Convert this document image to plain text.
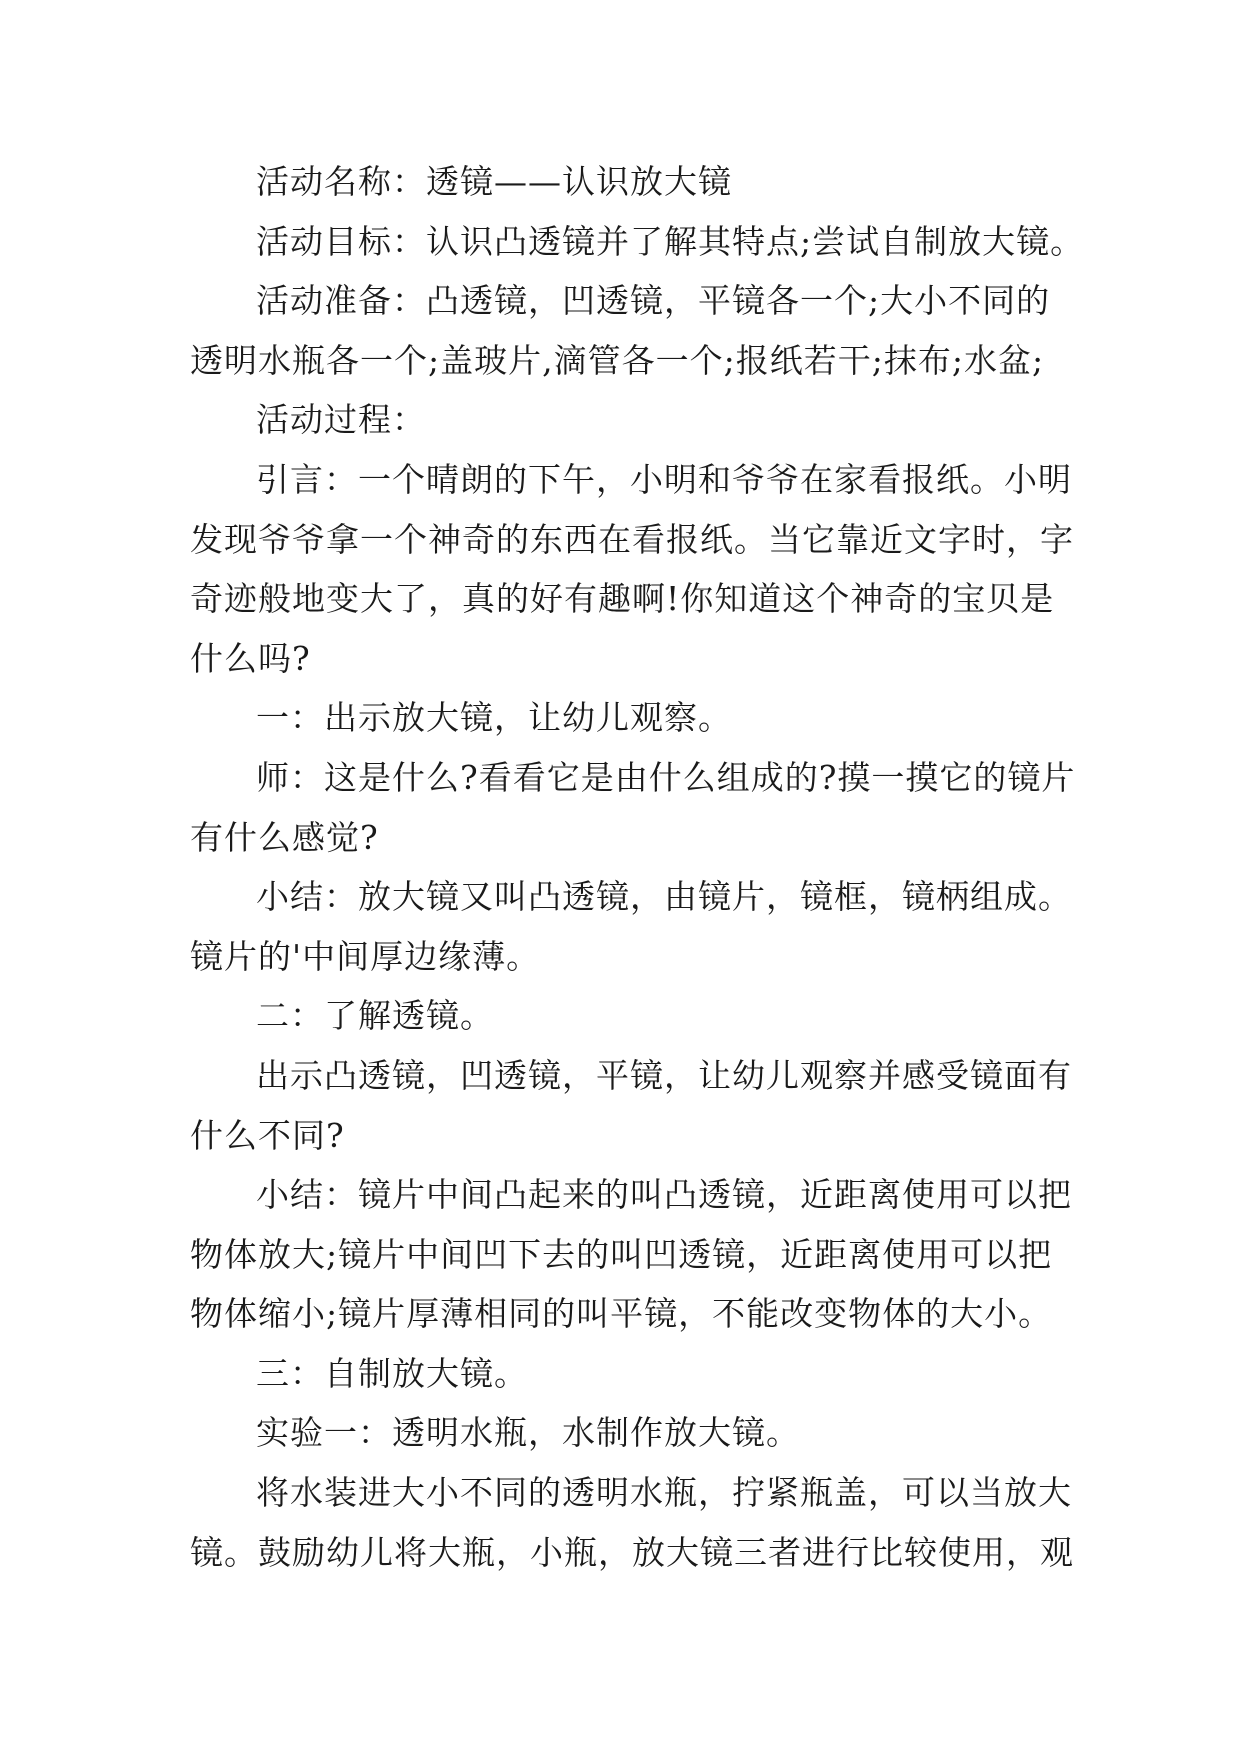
活动名称：透镜——认识放大镜

活动目标：认识凸透镜并了解其特点;尝试自制放大镜。

活动准备：凸透镜，凹透镜，平镜各一个;大小不同的
透明水瓶各一个;盖玻片,滴管各一个;报纸若干;抹布;水盆;

活动过程：

引言：一个晴朗的下午，小明和爷爷在家看报纸。小明
发现爷爷拿一个神奇的东西在看报纸。当它靠近文字时，字
奇迹般地变大了，真的好有趣啊!你知道这个神奇的宝贝是
什么吗?

一：出示放大镜，让幼儿观察。

师：这是什么?看看它是由什么组成的?摸一摸它的镜片
有什么感觉?

小结：放大镜又叫凸透镜，由镜片，镜框，镜柄组成。
镜片的'中间厚边缘薄。

二：了解透镜。

出示凸透镜，凹透镜，平镜，让幼儿观察并感受镜面有
什么不同?

小结：镜片中间凸起来的叫凸透镜，近距离使用可以把
物体放大;镜片中间凹下去的叫凹透镜，近距离使用可以把
物体缩小;镜片厚薄相同的叫平镜，不能改变物体的大小。

三：自制放大镜。

实验一：透明水瓶，水制作放大镜。

将水装进大小不同的透明水瓶，拧紧瓶盖，可以当放大
镜。鼓励幼儿将大瓶，小瓶，放大镜三者进行比较使用，观
